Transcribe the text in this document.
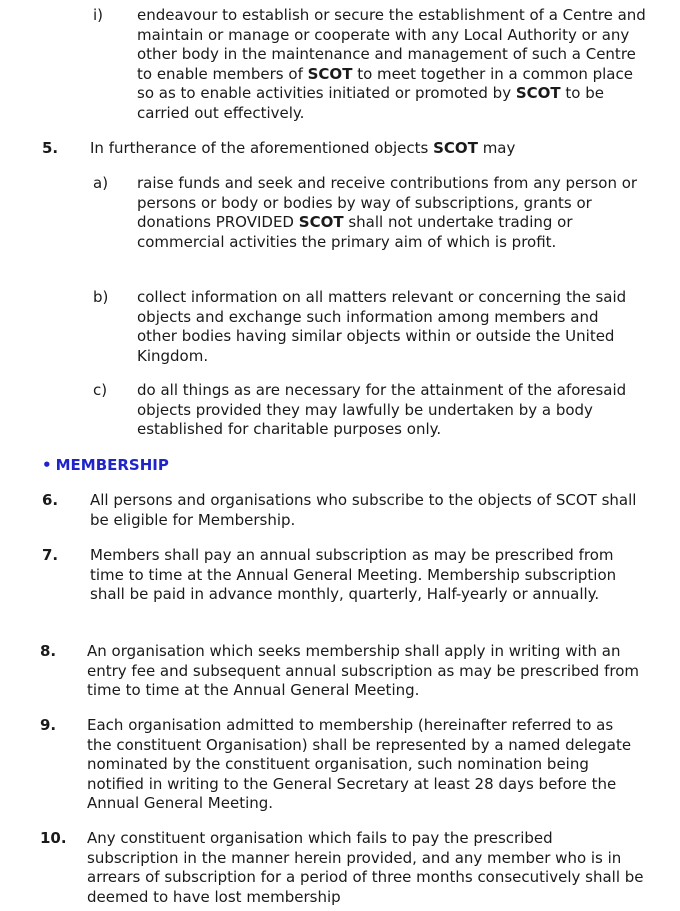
i) endeavour to establish or secure the establishment of a Centre and maintain or manage or cooperate with any Local Authority or any other body in the maintenance and management of such a Centre to enable members of SCOT to meet together in a common place so as to enable activities initiated or promoted by SCOT to be carried out effectively.
5. In furtherance of the aforementioned objects SCOT may
a) raise funds and seek and receive contributions from any person or persons or body or bodies by way of subscriptions, grants or donations PROVIDED SCOT shall not undertake trading or commercial activities the primary aim of which is profit.
b) collect information on all matters relevant or concerning the said objects and exchange such information among members and other bodies having similar objects within or outside the United Kingdom.
c) do all things as are necessary for the attainment of the aforesaid objects provided they may lawfully be undertaken by a body established for charitable purposes only.
• MEMBERSHIP
6. All persons and organisations who subscribe to the objects of SCOT shall be eligible for Membership.
7. Members shall pay an annual subscription as may be prescribed from time to time at the Annual General Meeting. Membership subscription shall be paid in advance monthly, quarterly, Half-yearly or annually.
8. An organisation which seeks membership shall apply in writing with an entry fee and subsequent annual subscription as may be prescribed from time to time at the Annual General Meeting.
9. Each organisation admitted to membership (hereinafter referred to as the constituent Organisation) shall be represented by a named delegate nominated by the constituent organisation, such nomination being notified in writing to the General Secretary at least 28 days before the Annual General Meeting.
10. Any constituent organisation which fails to pay the prescribed subscription in the manner herein provided, and any member who is in arrears of subscription for a period of three months consecutively shall be deemed to have lost membership
